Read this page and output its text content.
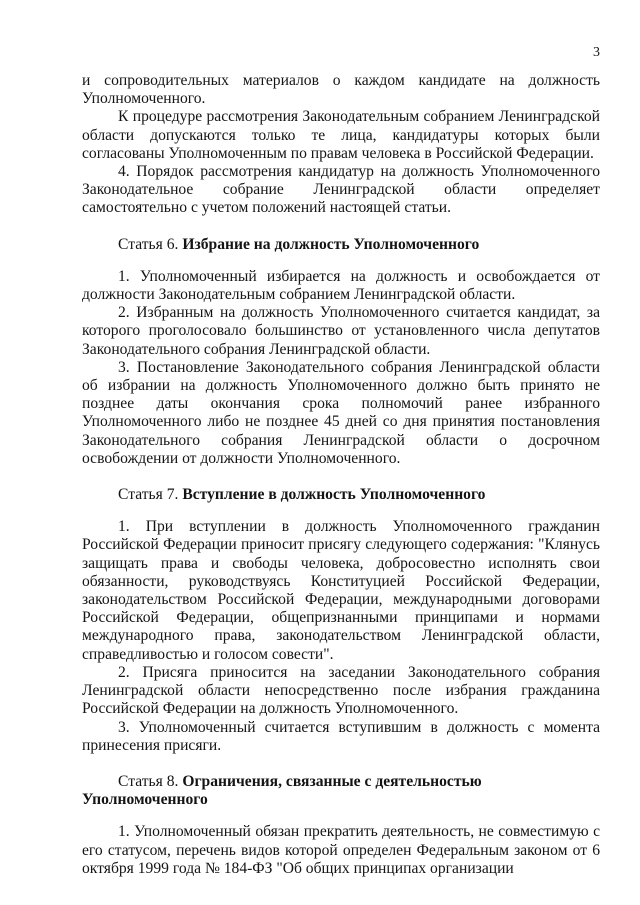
3

и сопроводительных материалов о каждом кандидате на должность Уполномоченного.

К процедуре рассмотрения Законодательным собранием Ленинградской области допускаются только те лица, кандидатуры которых были согласованы Уполномоченным по правам человека в Российской Федерации.

4. Порядок рассмотрения кандидатур на должность Уполномоченного Законодательное собрание Ленинградской области определяет самостоятельно с учетом положений настоящей статьи.

Статья 6. Избрание на должность Уполномоченного

1. Уполномоченный избирается на должность и освобождается от должности Законодательным собранием Ленинградской области.

2. Избранным на должность Уполномоченного считается кандидат, за которого проголосовало большинство от установленного числа депутатов Законодательного собрания Ленинградской области.

3. Постановление Законодательного собрания Ленинградской области об избрании на должность Уполномоченного должно быть принято не позднее даты окончания срока полномочий ранее избранного Уполномоченного либо не позднее 45 дней со дня принятия постановления Законодательного собрания Ленинградской области о досрочном освобождении от должности Уполномоченного.

Статья 7. Вступление в должность Уполномоченного

1. При вступлении в должность Уполномоченного гражданин Российской Федерации приносит присягу следующего содержания: "Клянусь защищать права и свободы человека, добросовестно исполнять свои обязанности, руководствуясь Конституцией Российской Федерации, законодательством Российской Федерации, международными договорами Российской Федерации, общепризнанными принципами и нормами международного права, законодательством Ленинградской области, справедливостью и голосом совести".

2. Присяга приносится на заседании Законодательного собрания Ленинградской области непосредственно после избрания гражданина Российской Федерации на должность Уполномоченного.

3. Уполномоченный считается вступившим в должность с момента принесения присяги.

Статья 8. Ограничения, связанные с деятельностью Уполномоченного

1. Уполномоченный обязан прекратить деятельность, не совместимую с его статусом, перечень видов которой определен Федеральным законом от 6 октября 1999 года № 184-ФЗ "Об общих принципах организации
